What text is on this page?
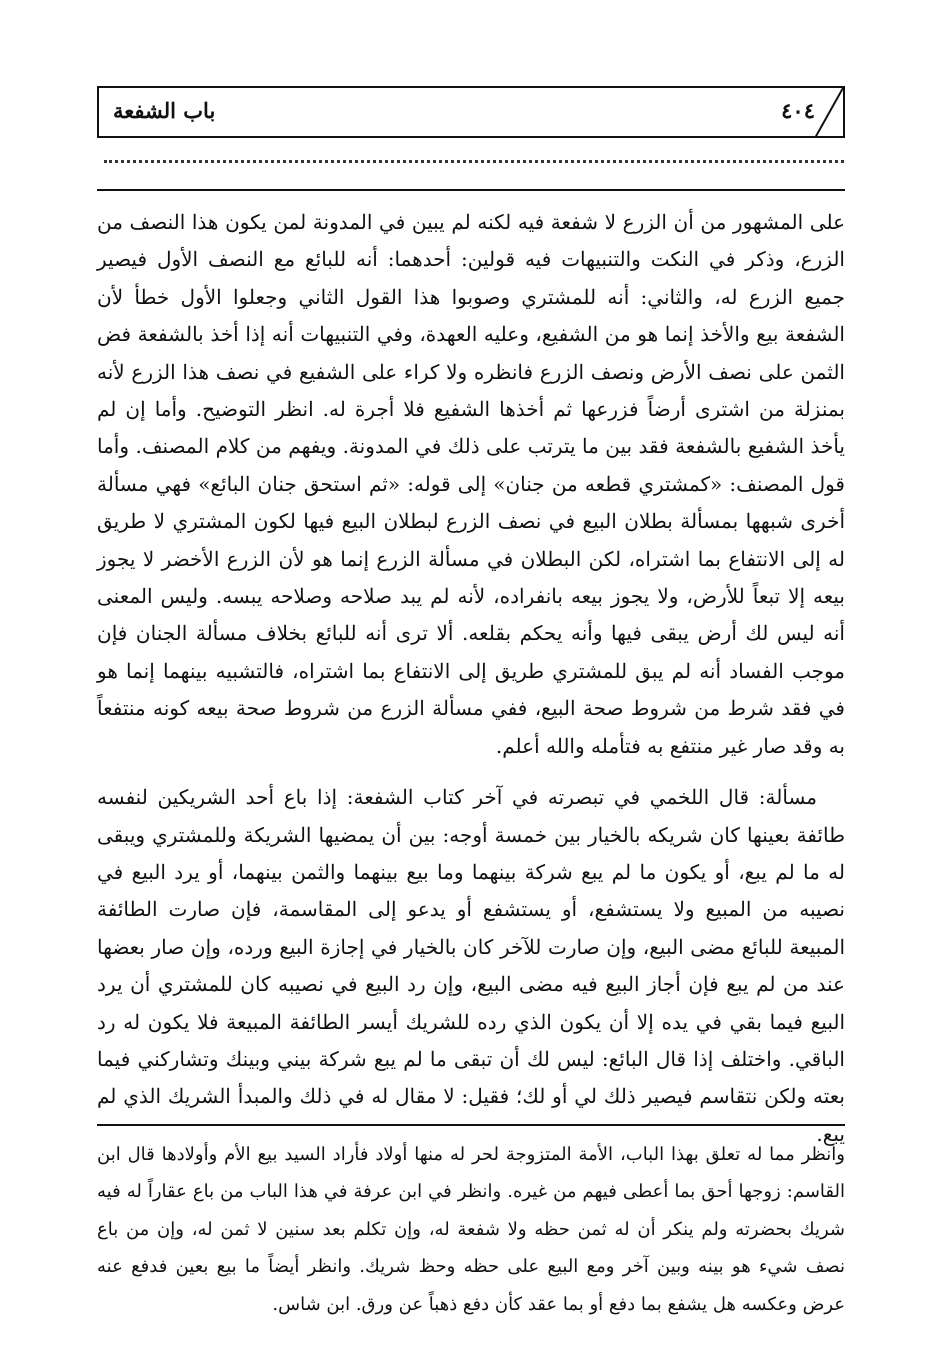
باب الشفعة	٤٠٤

على المشهور من أن الزرع لا شفعة فيه لكنه لم يبين في المدونة لمن يكون هذا النصف من الزرع، وذكر في النكت والتنبيهات فيه قولين: أحدهما: أنه للبائع مع النصف الأول فيصير جميع الزرع له، والثاني: أنه للمشتري وصوبوا هذا القول الثاني وجعلوا الأول خطأ لأن الشفعة بيع والأخذ إنما هو من الشفيع، وعليه العهدة، وفي التنبيهات أنه إذا أخذ بالشفعة فض الثمن على نصف الأرض ونصف الزرع فانظره ولا كراء على الشفيع في نصف هذا الزرع لأنه بمنزلة من اشترى أرضاً فزرعها ثم أخذها الشفيع فلا أجرة له. انظر التوضيح. وأما إن لم يأخذ الشفيع بالشفعة فقد بين ما يترتب على ذلك في المدونة. ويفهم من كلام المصنف. وأما قول المصنف: «كمشتري قطعه من جنان» إلى قوله: «ثم استحق جنان البائع» فهي مسألة أخرى شبهها بمسألة بطلان البيع في نصف الزرع لبطلان البيع فيها لكون المشتري لا طريق له إلى الانتفاع بما اشتراه، لكن البطلان في مسألة الزرع إنما هو لأن الزرع الأخضر لا يجوز بيعه إلا تبعاً للأرض، ولا يجوز بيعه بانفراده، لأنه لم يبد صلاحه وصلاحه يبسه. وليس المعنى أنه ليس لك أرض يبقى فيها وأنه يحكم بقلعه. ألا ترى أنه للبائع بخلاف مسألة الجنان فإن موجب الفساد أنه لم يبق للمشتري طريق إلى الانتفاع بما اشتراه، فالتشبيه بينهما إنما هو في فقد شرط من شروط صحة البيع، ففي مسألة الزرع من شروط صحة بيعه كونه منتفعاً به وقد صار غير منتفع به فتأمله والله أعلم.

مسألة: قال اللخمي في تبصرته في آخر كتاب الشفعة: إذا باع أحد الشريكين لنفسه طائفة بعينها كان شريكه بالخيار بين خمسة أوجه: بين أن يمضيها الشريكة وللمشتري ويبقى له ما لم يبع، أو يكون ما لم يبع شركة بينهما وما بيع بينهما والثمن بينهما، أو يرد البيع في نصيبه من المبيع ولا يستشفع، أو يستشفع أو يدعو إلى المقاسمة، فإن صارت الطائفة المبيعة للبائع مضى البيع، وإن صارت للآخر كان بالخيار في إجازة البيع ورده، وإن صار بعضها عند من لم يبع فإن أجاز البيع فيه مضى البيع، وإن رد البيع في نصيبه كان للمشتري أن يرد البيع فيما بقي في يده إلا أن يكون الذي رده للشريك أيسر الطائفة المبيعة فلا يكون له رد الباقي. واختلف إذا قال البائع: ليس لك أن تبقى ما لم يبع شركة بيني وبينك وتشاركني فيما بعته ولكن نتقاسم فيصير ذلك لي أو لك؛ فقيل: لا مقال له في ذلك والمبدأ الشريك الذي لم يبع.

وانظر مما له تعلق بهذا الباب، الأمة المتزوجة لحر له منها أولاد فأراد السيد بيع الأم وأولادها قال ابن القاسم: زوجها أحق بما أعطى فيهم من غيره. وانظر في ابن عرفة في هذا الباب من باع عقاراً له فيه شريك بحضرته ولم ينكر أن له ثمن حظه ولا شفعة له، وإن تكلم بعد سنين لا ثمن له، وإن من باع نصف شيء هو بينه وبين آخر ومع البيع على حظه وحظ شريك. وانظر أيضاً ما بيع بعين فدفع عنه عرض وعكسه هل يشفع بما دفع أو بما عقد كأن دفع ذهباً عن ورق. ابن شاس.
